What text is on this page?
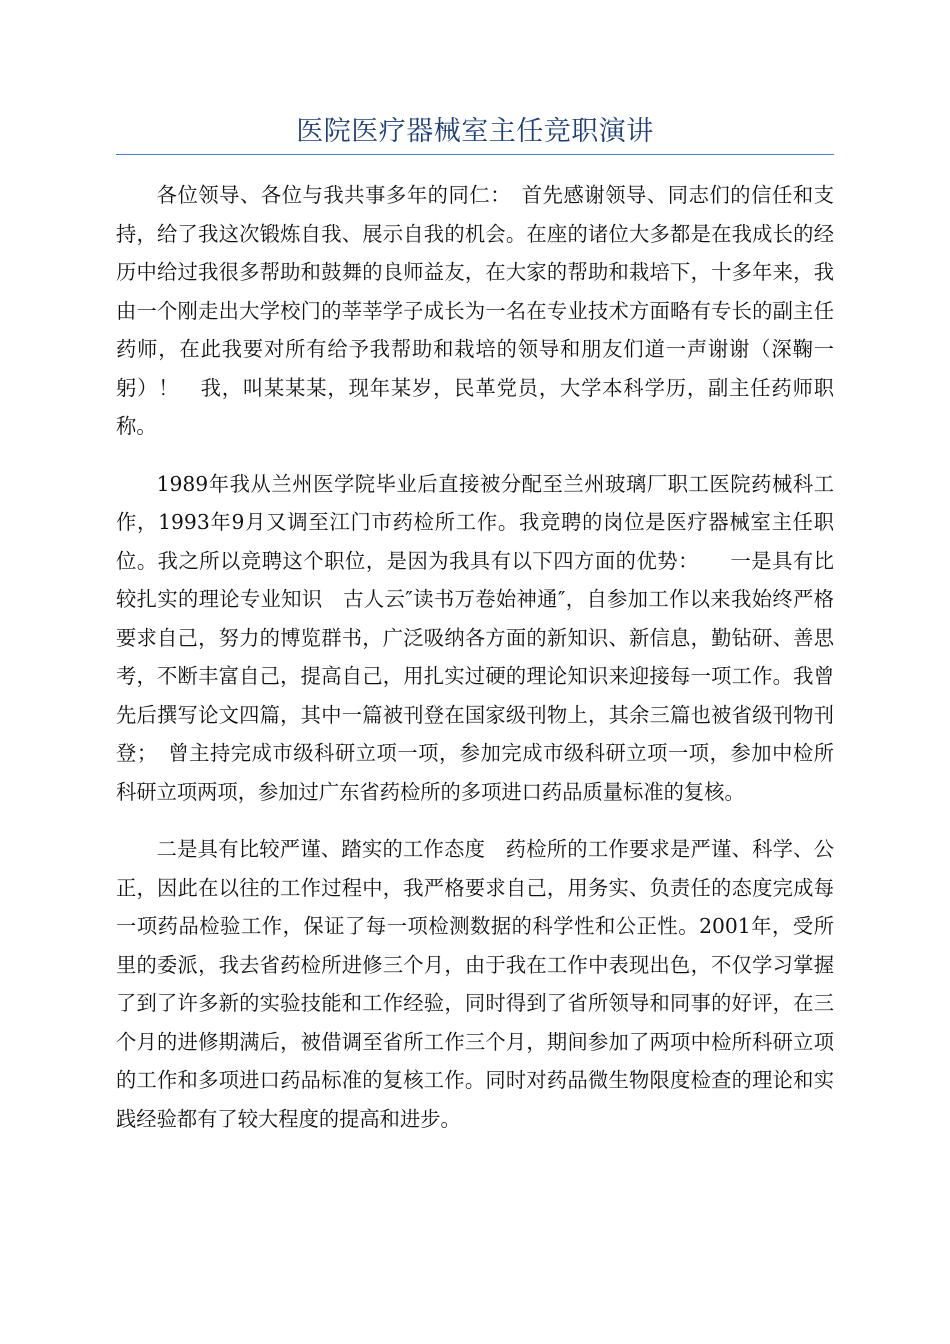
医院医疗器械室主任竞职演讲

各位领导、各位与我共事多年的同仁：　首先感谢领导、同志们的信任和支持，给了我这次锻炼自我、展示自我的机会。在座的诸位大多都是在我成长的经历中给过我很多帮助和鼓舞的良师益友，在大家的帮助和栽培下，十多年来，我由一个刚走出大学校门的莘莘学子成长为一名在专业技术方面略有专长的副主任药师，在此我要对所有给予我帮助和栽培的领导和朋友们道一声谢谢（深鞠一躬）！　我，叫某某某，现年某岁，民革党员，大学本科学历，副主任药师职称。

1989年我从兰州医学院毕业后直接被分配至兰州玻璃厂职工医院药械科工作，1993年9月又调至江门市药检所工作。我竞聘的岗位是医疗器械室主任职位。我之所以竞聘这个职位，是因为我具有以下四方面的优势：　　一是具有比较扎实的理论专业知识　古人云″读书万卷始神通″，自参加工作以来我始终严格要求自己，努力的博览群书，广泛吸纳各方面的新知识、新信息，勤钻研、善思考，不断丰富自己，提高自己，用扎实过硬的理论知识来迎接每一项工作。我曾先后撰写论文四篇，其中一篇被刊登在国家级刊物上，其余三篇也被省级刊物刊登；　曾主持完成市级科研立项一项，参加完成市级科研立项一项，参加中检所科研立项两项，参加过广东省药检所的多项进口药品质量标准的复核。

二是具有比较严谨、踏实的工作态度　药检所的工作要求是严谨、科学、公正，因此在以往的工作过程中，我严格要求自己，用务实、负责任的态度完成每一项药品检验工作，保证了每一项检测数据的科学性和公正性。2001年，受所里的委派，我去省药检所进修三个月，由于我在工作中表现出色，不仅学习掌握了到了许多新的实验技能和工作经验，同时得到了省所领导和同事的好评，在三个月的进修期满后，被借调至省所工作三个月，期间参加了两项中检所科研立项的工作和多项进口药品标准的复核工作。同时对药品微生物限度检查的理论和实践经验都有了较大程度的提高和进步。
